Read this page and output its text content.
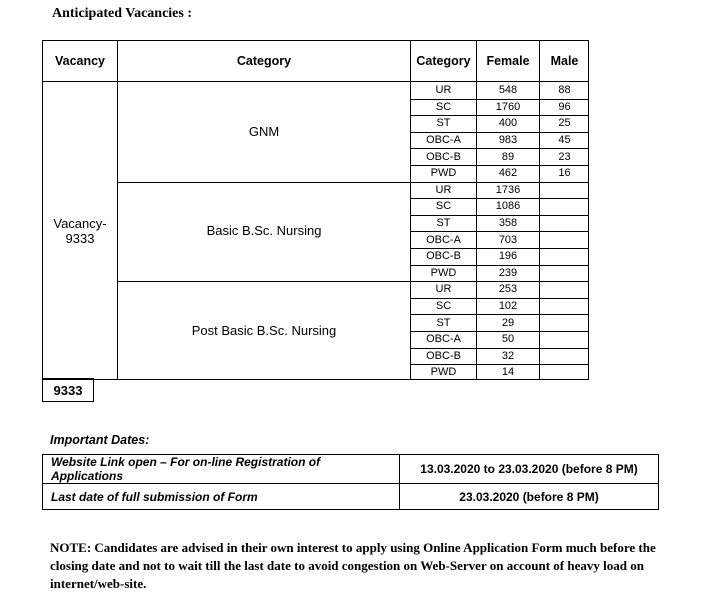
Anticipated Vacancies :
Vacancy	Category	Category	Female	Male
Vacancy-
9333
GNM
UR	548	88
SC	1760	96
ST	400	25
OBC-A	983	45
OBC-B	89	23
PWD	462	16
Basic B.Sc. Nursing
UR	1736
SC	1086
ST	358
OBC-A	703
OBC-B	196
PWD	239
Post Basic B.Sc. Nursing
UR	253
SC	102
ST	29
OBC-A	50
OBC-B	32
PWD	14
9333
Important Dates:
Website Link open – For on-line Registration of Applications	13.03.2020 to 23.03.2020 (before 8 PM)
Last date of full submission of Form	23.03.2020 (before 8 PM)
NOTE: Candidates are advised in their own interest to apply using Online Application Form much before the closing date and not to wait till the last date to avoid congestion on Web-Server on account of heavy load on internet/web-site.
